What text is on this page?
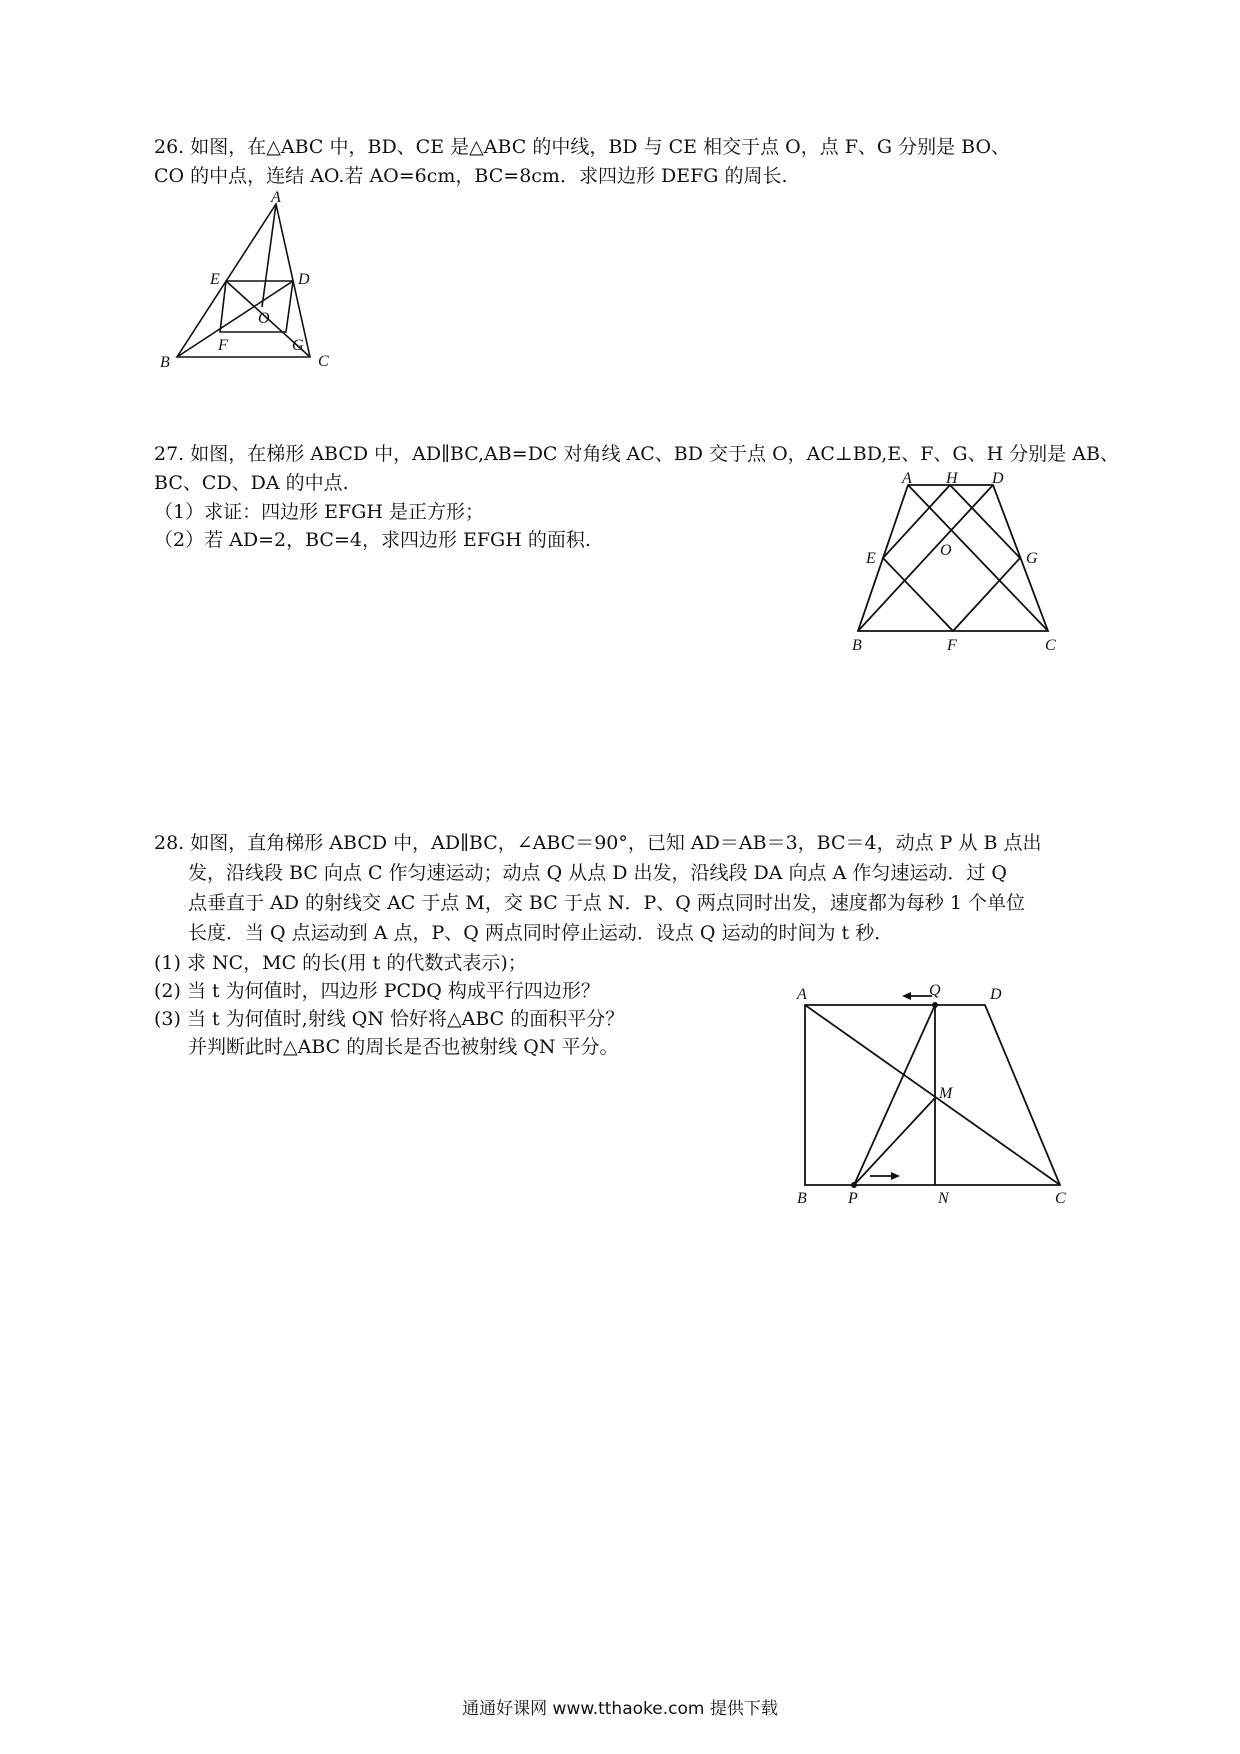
26. 如图，在△ABC 中，BD、CE 是△ABC 的中线，BD 与 CE 相交于点 O，点 F、G 分别是 BO、
CO 的中点，连结 AO.若 AO=6cm，BC=8cm．求四边形 DEFG 的周长.
A
B	C
D
E
F	G
O
27. 如图，在梯形 ABCD 中，AD∥BC,AB=DC 对角线 AC、BD 交于点 O，AC⊥BD,E、F、G、H 分别是 AB、
BC、CD、DA 的中点.
（1）求证：四边形 EFGH 是正方形；
（2）若 AD=2，BC=4，求四边形 EFGH 的面积.
A H D
E	O	G
B	F	C
28. 如图，直角梯形 ABCD 中，AD∥BC，∠ABC＝90°，已知 AD＝AB＝3，BC＝4，动点 P 从 B 点出
发，沿线段 BC 向点 C 作匀速运动；动点 Q 从点 D 出发，沿线段 DA 向点 A 作匀速运动．过 Q
点垂直于 AD 的射线交 AC 于点 M，交 BC 于点 N．P、Q 两点同时出发，速度都为每秒 1 个单位
长度．当 Q 点运动到 A 点，P、Q 两点同时停止运动．设点 Q 运动的时间为 t 秒．
(1) 求 NC，MC 的长(用 t 的代数式表示)；
(2) 当 t 为何值时，四边形 PCDQ 构成平行四边形？
(3) 当 t 为何值时,射线 QN 恰好将△ABC 的面积平分？
并判断此时△ABC 的周长是否也被射线 QN 平分。
A	Q	D
M
B	P	N	C
通通好课网 www.tthaoke.com 提供下载
